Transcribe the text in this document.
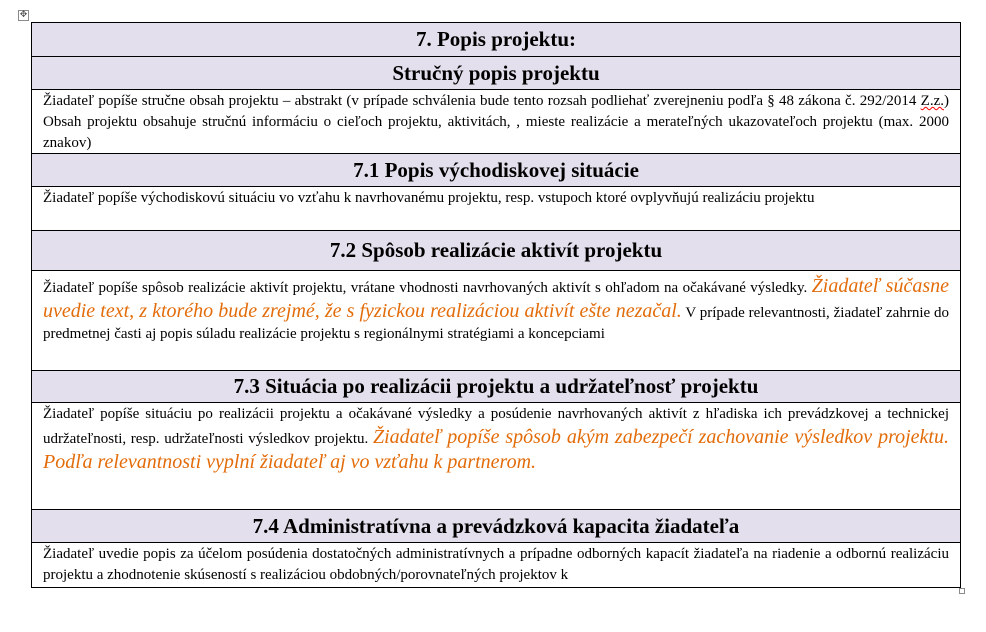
✥
7. Popis projektu:
Stručný popis projektu
Žiadateľ popíše stručne obsah projektu – abstrakt (v prípade schválenia bude tento rozsah podliehať zverejneniu podľa § 48 zákona č. 292/2014 Z.z.) Obsah projektu obsahuje stručnú informáciu o cieľoch projektu, aktivitách, , mieste realizácie a merateľných ukazovateľoch projektu (max. 2000 znakov)
7.1 Popis východiskovej situácie
Žiadateľ popíše východiskovú situáciu vo vzťahu k navrhovanému projektu, resp. vstupoch ktoré ovplyvňujú realizáciu projektu
7.2 Spôsob realizácie aktivít projektu
Žiadateľ popíše spôsob realizácie aktivít projektu, vrátane vhodnosti navrhovaných aktivít s ohľadom na očakávané výsledky. Žiadateľ súčasne uvedie text, z ktorého bude zrejmé, že s fyzickou realizáciou aktivít ešte nezačal. V prípade relevantnosti, žiadateľ zahrnie do predmetnej časti aj popis súladu realizácie projektu s regionálnymi stratégiami a koncepciami
7.3 Situácia po realizácii projektu a udržateľnosť projektu
Žiadateľ popíše situáciu po realizácii projektu a očakávané výsledky a posúdenie navrhovaných aktivít z hľadiska ich prevádzkovej a technickej udržateľnosti, resp. udržateľnosti výsledkov projektu. Žiadateľ popíše spôsob akým zabezpečí zachovanie výsledkov projektu. Podľa relevantnosti vyplní žiadateľ aj vo vzťahu k partnerom.
7.4 Administratívna a prevádzková kapacita žiadateľa
Žiadateľ uvedie popis za účelom posúdenia dostatočných administratívnych a prípadne odborných kapacít žiadateľa na riadenie a odbornú realizáciu projektu a zhodnotenie skúseností s realizáciou obdobných/porovnateľných projektov k
